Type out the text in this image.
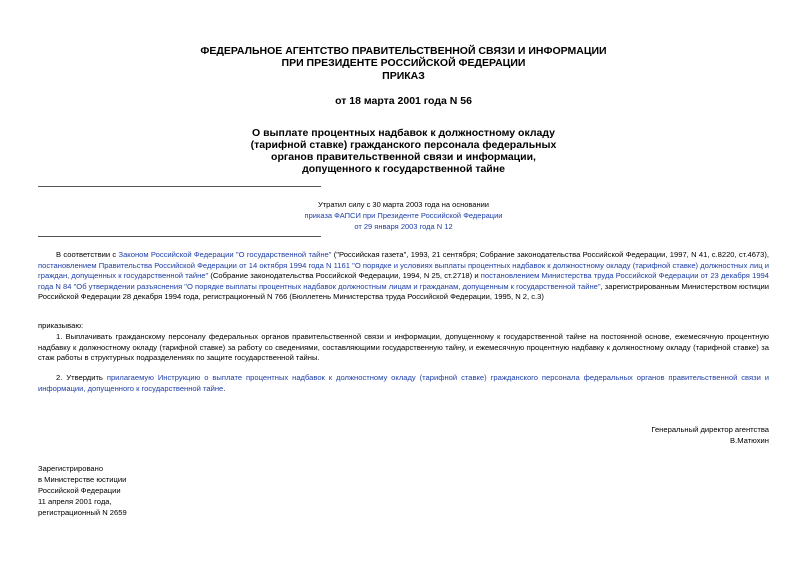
ФЕДЕРАЛЬНОЕ АГЕНТСТВО ПРАВИТЕЛЬСТВЕННОЙ СВЯЗИ И ИНФОРМАЦИИ
ПРИ ПРЕЗИДЕНТЕ РОССИЙСКОЙ ФЕДЕРАЦИИ
ПРИКАЗ
от 18 марта 2001 года N 56
О выплате процентных надбавок к должностному окладу
(тарифной ставке) гражданского персонала федеральных
органов правительственной связи и информации,
допущенного к государственной тайне
Утратил силу с 30 марта 2003 года на основании
приказа ФАПСИ при Президенте Российской Федерации
от 29 января 2003 года N 12
В соответствии с Законом Российской Федерации "О государственной тайне" ("Российская газета", 1993, 21 сентября; Собрание законодательства Российской Федерации, 1997, N 41, с.8220, ст.4673), постановлением Правительства Российской Федерации от 14 октября 1994 года N 1161 "О порядке и условиях выплаты процентных надбавок к должностному окладу (тарифной ставке) должностных лиц и граждан, допущенных к государственной тайне" (Собрание законодательства Российской Федерации, 1994, N 25, ст.2718) и постановлением Министерства труда Российской Федерации от 23 декабря 1994 года N 84 "Об утверждении разъяснения "О порядке выплаты процентных надбавок должностным лицам и гражданам, допущенным к государственной тайне", зарегистрированным Министерством юстиции Российской Федерации 28 декабря 1994 года, регистрационный N 766 (Бюллетень Министерства труда Российской Федерации, 1995, N 2, с.3)
приказываю:
1. Выплачивать гражданскому персоналу федеральных органов правительственной связи и информации, допущенному к государственной тайне на постоянной основе, ежемесячную процентную надбавку к должностному окладу (тарифной ставке) за работу со сведениями, составляющими государственную тайну, и ежемесячную процентную надбавку к должностному окладу (тарифной ставке) за стаж работы в структурных подразделениях по защите государственной тайны.
2. Утвердить прилагаемую Инструкцию о выплате процентных надбавок к должностному окладу (тарифной ставке) гражданского персонала федеральных органов правительственной связи и информации, допущенного к государственной тайне.
Генеральный директор агентства
В.Матюхин
Зарегистрировано
в Министерстве юстиции
Российской Федерации
11 апреля 2001 года,
регистрационный N 2659
